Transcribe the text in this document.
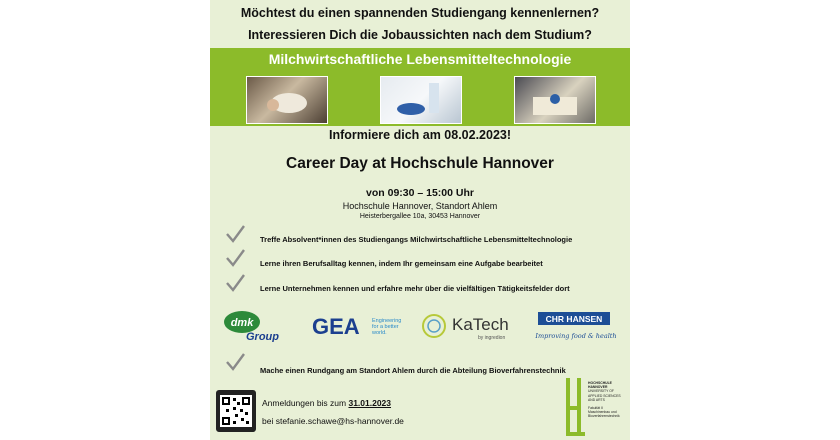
Möchtest du einen spannenden Studiengang kennenlernen?
Interessieren Dich die Jobaussichten nach dem Studium?
Milchwirtschaftliche Lebensmitteltechnologie
Informiere dich am 08.02.2023!
Career Day at Hochschule Hannover
von 09:30 – 15:00 Uhr
Hochschule Hannover, Standort Ahlem
Heisterbergallee 10a, 30453 Hannover
Treffe Absolvent*innen des Studiengangs Milchwirtschaftliche Lebensmitteltechnologie
Lerne ihren Berufsalltag kennen, indem Ihr gemeinsam eine Aufgabe bearbeitet
Lerne Unternehmen kennen und erfahre mehr über die vielfältigen Tätigkeitsfelder dort
dmk
Group GEA Engineering
for a better
world.	KaTech
by ingredion
CHR HANSEN
Improving food & health
Mache einen Rundgang am Standort Ahlem durch die Abteilung Bioverfahrenstechnik
Anmeldungen bis zum 31.01.2023
bei stefanie.schawe@hs-hannover.de
HOCHSCHULE
HANNOVER
UNIVERSITY OF
APPLIED SCIENCES
AND ARTS
Fakultät II
Maschinenbau und
Bioverfahrenstechnik
